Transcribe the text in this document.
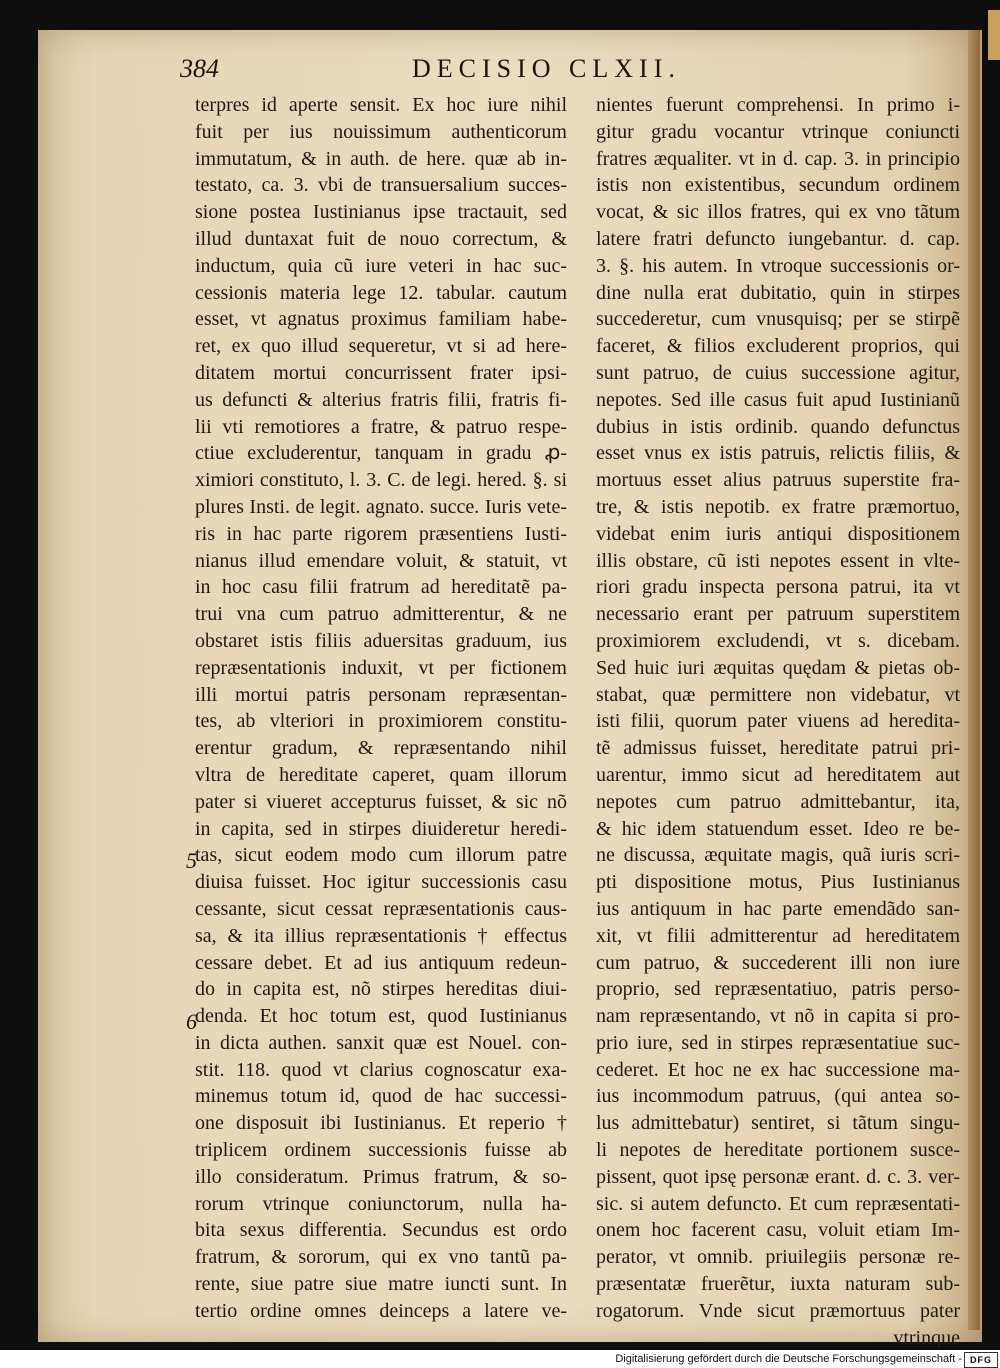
384	DECISIO CLXII.
terpres id aperte sensit. Ex hoc iure nihil
fuit per ius nouissimum authenticorum
immutatum, & in auth. de here. quæ ab in-
testato, ca. 3. vbi de transuersalium succes-
sione postea Iustinianus ipse tractauit, sed
illud duntaxat fuit de nouo correctum, &
inductum, quia cũ iure veteri in hac suc-
cessionis materia lege 12. tabular. cautum
esset, vt agnatus proximus familiam habe-
ret, ex quo illud sequeretur, vt si ad here-
ditatem mortui concurrissent frater ipsi-
us defuncti & alterius fratris filii, fratris fi-
lii vti remotiores a fratre, & patruo respe-
ctiue excluderentur, tanquam in gradu ꝓ-
ximiori constituto, l. 3. C. de legi. hered. §. si
plures Insti. de legit. agnato. succe. Iuris vete-
ris in hac parte rigorem præsentiens Iusti-
nianus illud emendare voluit, & statuit, vt
in hoc casu filii fratrum ad hereditatẽ pa-
trui vna cum patruo admitterentur, & ne
obstaret istis filiis aduersitas graduum, ius
repræsentationis induxit, vt per fictionem
illi mortui patris personam repræsentan-
tes, ab vlteriori in proximiorem constitu-
erentur gradum, & repræsentando nihil
vltra de hereditate caperet, quam illorum
pater si viueret accepturus fuisset, & sic nõ
in capita, sed in stirpes diuideretur heredi-
tas, sicut eodem modo cum illorum patre
diuisa fuisset. Hoc igitur successionis casu
cessante, sicut cessat repræsentationis caus-
sa, & ita illius repræsentationis † effectus
cessare debet. Et ad ius antiquum redeun-
do in capita est, nõ stirpes hereditas diui-
denda. Et hoc totum est, quod Iustinianus
in dicta authen. sanxit quæ est Nouel. con-
stit. 118. quod vt clarius cognoscatur exa-
minemus totum id, quod de hac successi-
one disposuit ibi Iustinianus. Et reperio †
triplicem ordinem successionis fuisse ab
illo consideratum. Primus fratrum, & so-
rorum vtrinque coniunctorum, nulla ha-
bita sexus differentia. Secundus est ordo
fratrum, & sororum, qui ex vno tantũ pa-
rente, siue patre siue matre iuncti sunt. In
tertio ordine omnes deinceps a latere ve-
nientes fuerunt comprehensi. In primo i-
gitur gradu vocantur vtrinque coniuncti
fratres æqualiter. vt in d. cap. 3. in principio
istis non existentibus, secundum ordinem
vocat, & sic illos fratres, qui ex vno tãtum
latere fratri defuncto iungebantur. d. cap.
3. §. his autem. In vtroque successionis or-
dine nulla erat dubitatio, quin in stirpes
succederetur, cum vnusquisq; per se stirpẽ
faceret, & filios excluderent proprios, qui
sunt patruo, de cuius successione agitur,
nepotes. Sed ille casus fuit apud Iustinianũ
dubius in istis ordinib. quando defunctus
esset vnus ex istis patruis, relictis filiis, &
mortuus esset alius patruus superstite fra-
tre, & istis nepotib. ex fratre præmortuo,
videbat enim iuris antiqui dispositionem
illis obstare, cũ isti nepotes essent in vlte-
riori gradu inspecta persona patrui, ita vt
necessario erant per patruum superstitem
proximiorem excludendi, vt s. dicebam.
Sed huic iuri æquitas quędam & pietas ob-
stabat, quæ permittere non videbatur, vt
isti filii, quorum pater viuens ad heredita-
tẽ admissus fuisset, hereditate patrui pri-
uarentur, immo sicut ad hereditatem aut
nepotes cum patruo admittebantur, ita,
& hic idem statuendum esset. Ideo re be-
ne discussa, æquitate magis, quã iuris scri-
pti dispositione motus, Pius Iustinianus
ius antiquum in hac parte emendãdo san-
xit, vt filii admitterentur ad hereditatem
cum patruo, & succederent illi non iure
proprio, sed repræsentatiuo, patris perso-
nam repræsentando, vt nõ in capita si pro-
prio iure, sed in stirpes repræsentatiue suc-
cederet. Et hoc ne ex hac successione ma-
ius incommodum patruus, (qui antea so-
lus admittebatur) sentiret, si tãtum singu-
li nepotes de hereditate portionem susce-
pissent, quot ipsę personæ erant. d. c. 3. ver-
sic. si autem defuncto. Et cum repræsentati-
onem hoc facerent casu, voluit etiam Im-
perator, vt omnib. priuilegiis personæ re-
præsentatæ fruerẽtur, iuxta naturam sub-
rogatorum. Vnde sicut præmortuus pater
vtrinque
5
6
Digitalisierung gefördert durch die Deutsche Forschungsgemeinschaft - DFG
